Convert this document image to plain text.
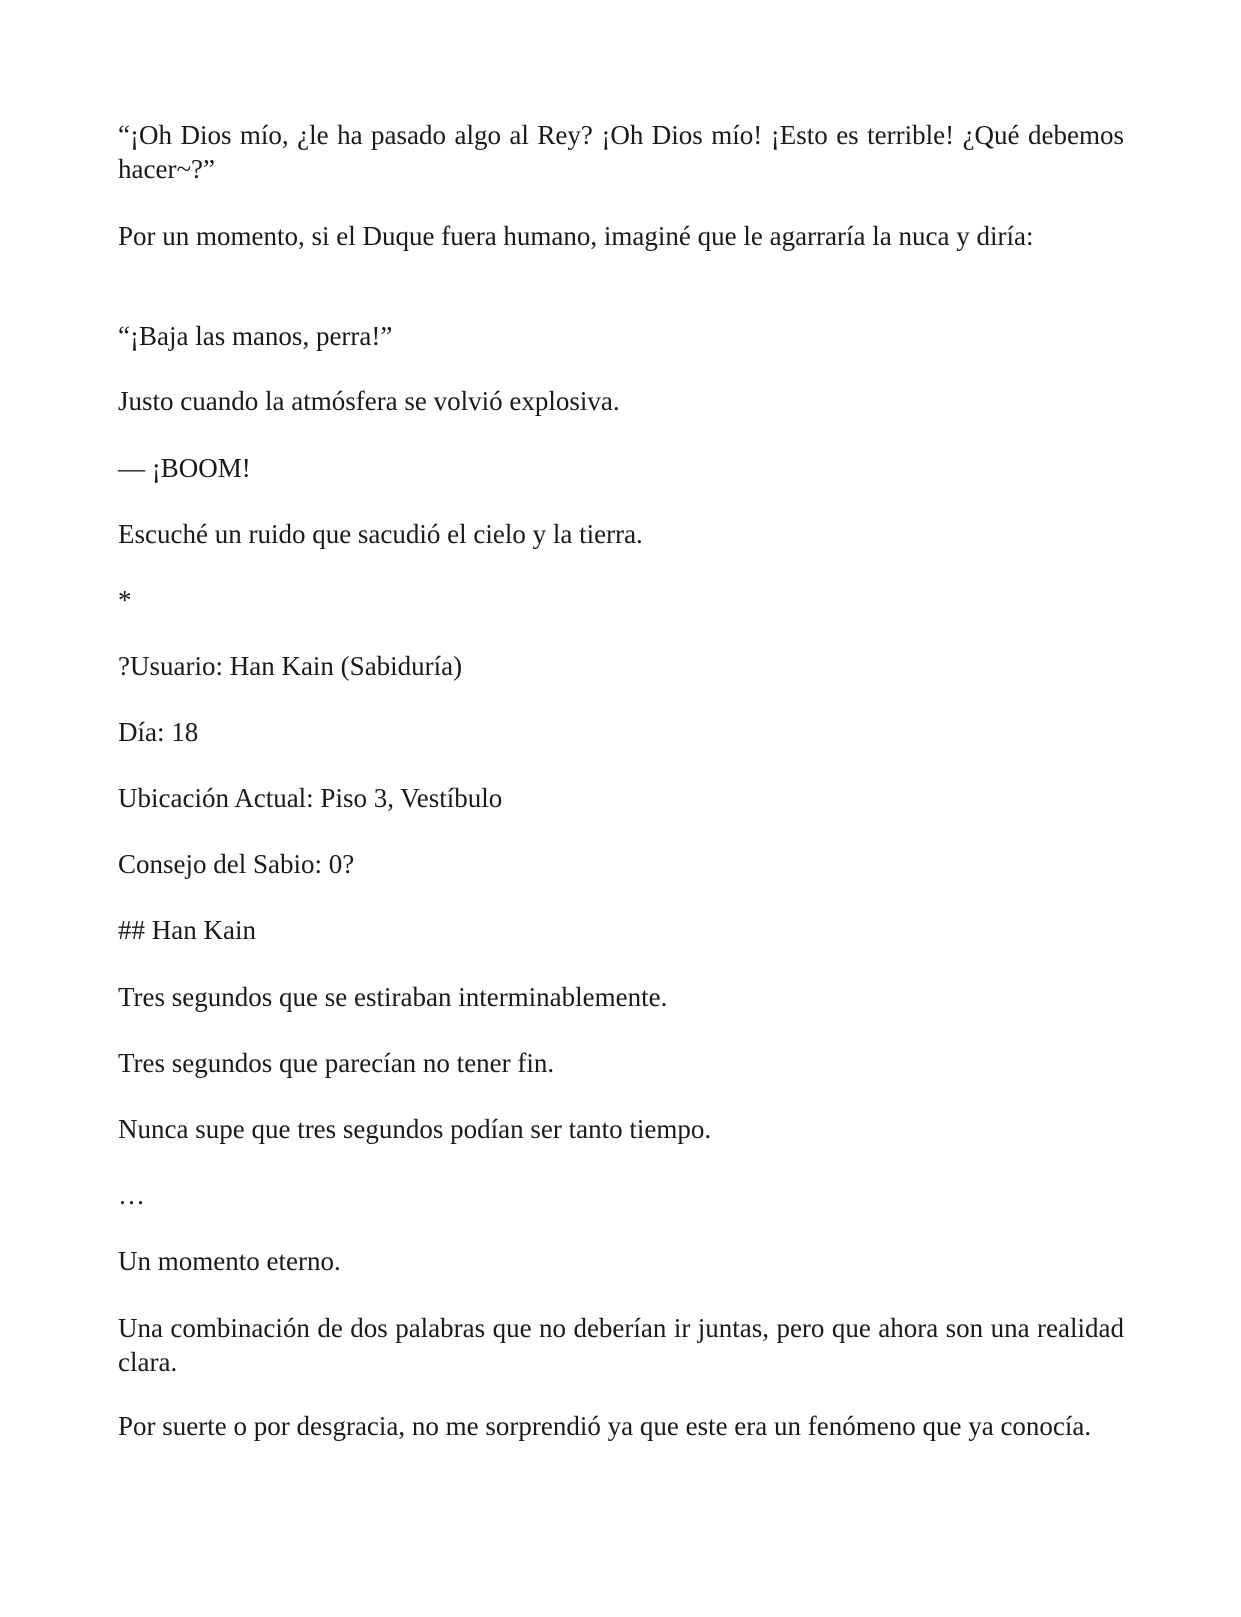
“¡Oh Dios mío, ¿le ha pasado algo al Rey? ¡Oh Dios mío! ¡Esto es terrible! ¿Qué debemos hacer~?”

Por un momento, si el Duque fuera humano, imaginé que le agarraría la nuca y diría:

“¡Baja las manos, perra!”

Justo cuando la atmósfera se volvió explosiva.

— ¡BOOM!

Escuché un ruido que sacudió el cielo y la tierra.

*

?Usuario: Han Kain (Sabiduría)

Día: 18

Ubicación Actual: Piso 3, Vestíbulo

Consejo del Sabio: 0?

## Han Kain

Tres segundos que se estiraban interminablemente.

Tres segundos que parecían no tener fin.

Nunca supe que tres segundos podían ser tanto tiempo.

…

Un momento eterno.

Una combinación de dos palabras que no deberían ir juntas, pero que ahora son una realidad clara.

Por suerte o por desgracia, no me sorprendió ya que este era un fenómeno que ya conocía.
